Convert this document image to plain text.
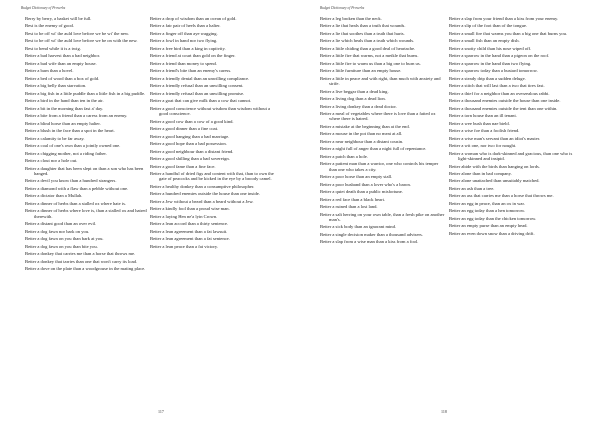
Budget Dictionary of Proverbs
Berry by berry, a basket will be full.
Best is the enemy of good.
Best to be off wi' the auld love before we be wi' the new.
Best to be off wi' the auld love before we be on with the new.
Best to bend while it is a twig.
Better a bad harvest than a bad neighbor.
Better a bad wife than an empty house.
Better a barn than a hovel.
Better a bed of wood than a box of gold.
Better a big belly than starvation.
Better a big fish in a little puddle than a little fish in a big puddle.
Better a bird in the hand than ten in the air.
Better a bit in the morning than fast a' day.
Better a bite from a friend than a caress from an enemy.
Better a blind horse than an empty halter.
Better a blush in the face than a spot in the heart.
Better a calamity to be far away.
Better a coal of one's own than a jointly owned one.
Better a chigging mother, not a riding father.
Better a clout nor a hole out.
Better a daughter that has been slept on than a son who has been hanged.
Better a devil you know than a hundred strangers.
Better a diamond with a flaw than a pebble without one.
Better a dictator than a Mullah.
Better a dinner of herbs than a stalled ox where hate is.
Better a dinner of herbs where love is, than a stalled ox and hatred therewith.
Better a distant good than an over evil.
Better a dog fawn nor bark on you.
Better a dog fawn on you than bark at you.
Better a dog fawn on you than bite you.
Better a donkey that carries me than a horse that throws me.
Better a donkey that tarries than one that won't carry its load.
Better a dove on the plate than a woodgrouse in the mating place.
Better a drop of wisdom than an ocean of gold.
Better a fair pair of heels than a halter.
Better a finger off than aye wagging.
Better a fowl in hand nor two flying.
Better a free bird than a king in captivity.
Better a friend at court than gold on the finger.
Better a friend than money to spend.
Better a friend's bite than an enemy's caress.
Better a friendly denial than an unwilling compliance.
Better a friendly refusal than an unwilling consent.
Better a friendly refusal than an unwilling promise.
Better a goat that can give milk than a cow that cannot.
Better a good conscience without wisdom than wisdom without a good conscience.
Better a good cow than a cow of a good kind.
Better a good dinner than a fine coat.
Better a good hanging than a bad marriage.
Better a good hope than a bad possession.
Better a good neighbour than a distant friend.
Better a good shilling than a bad sovereign.
Better a good fame than a fine face.
Better a handful of dried figs and content with that, than to own the gate of peacocks and be kicked in the eye by a broody camel.
Better a healthy donkey than a consumptive philosopher.
Better a hundred enemies outside the house than one inside.
Better a Jew without a beard than a beard without a Jew.
Better a kindly fool than a proud wise man.
Better a laying Hen ne'a lyin Crown.
Better a lean accord than a thirty sentence.
Better a lean agreement than a fat lawsuit.
Better a lean agreement than a fat sentence.
Better a lean peace than a fat victory.
117
Budget Dictionary of Proverbs
Better a leg broken than the neck.
Better a lie that heals than a truth that wounds.
Better a lie that soothes than a truth that hurts.
Better a lie which heals than a truth which wounds.
Better a little chiding than a good deal of heartache.
Better a little fire that warms, not a meikle that burns.
Better a little fire to warm us than a big one to burn us.
Better a little furniture than an empty house.
Better a little in peace and with right, than much with anxiety and strife.
Better a live beggar than a dead king.
Better a living dog than a dead lion.
Better a living donkey than a dead doctor.
Better a meal of vegetables where there is love than a fatted ox where there is hatred.
Better a mistake at the beginning than at the end.
Better a mouse in the pot than no meat at all.
Better a near neighbour than a distant cousin.
Better a night full of anger than a night full of repentance.
Better a patch than a hole.
Better a patient man than a warrior, one who controls his temper than one who takes a city.
Better a poor horse than an empty stall.
Better a poor husband than a lover who's a baron.
Better a quiet death than a public misfortune.
Better a red face than a black heart.
Better a ruined than a lost land.
Better a salt herring on your own table, than a fresh pike on another man's.
Better a sick body than an ignorant mind.
Better a single decision maker than a thousand advisers.
Better a slap from a wise man than a kiss from a fool.
Better a slap from your friend than a kiss from your enemy.
Better a slip of the foot than of the tongue.
Better a small fire that warms you than a big one that burns you.
Better a small fish than an empty dish.
Better a snotty child than his nose wiped off.
Better a sparrow in the hand than a pigeon on the roof.
Better a sparrow in the hand than two flying.
Better a sparrow today than a bustard tomorrow.
Better a steady drip than a sudden deluge.
Better a stitch that will last than a two that tires fast.
Better a thief for a neighbor than an overzealous rabbi.
Better a thousand enemies outside the house than one inside.
Better a thousand enemies outside the tent than one within.
Better a torn house than an ill tenant.
Better a wee bush than nae bield.
Better a wise foe than a foolish friend.
Better a wise man's servant than an idiot's master.
Better a wit one, nor two for nought.
Better a woman who is dark-skinned and gracious, than one who is light-skinned and insipid.
Better abide with the birds than hanging on lords.
Better alone than in bad company.
Better alone unattached than unsuitably matched.
Better an ash than a tree.
Better an ass that carries me than a horse that throws me.
Better an egg in peace, than an ox in war.
Better an egg today than a hen tomorrow.
Better an egg today than the chicken tomorrow.
Better an empty purse than an empty head.
Better an even down snow than a driving drift.
118
